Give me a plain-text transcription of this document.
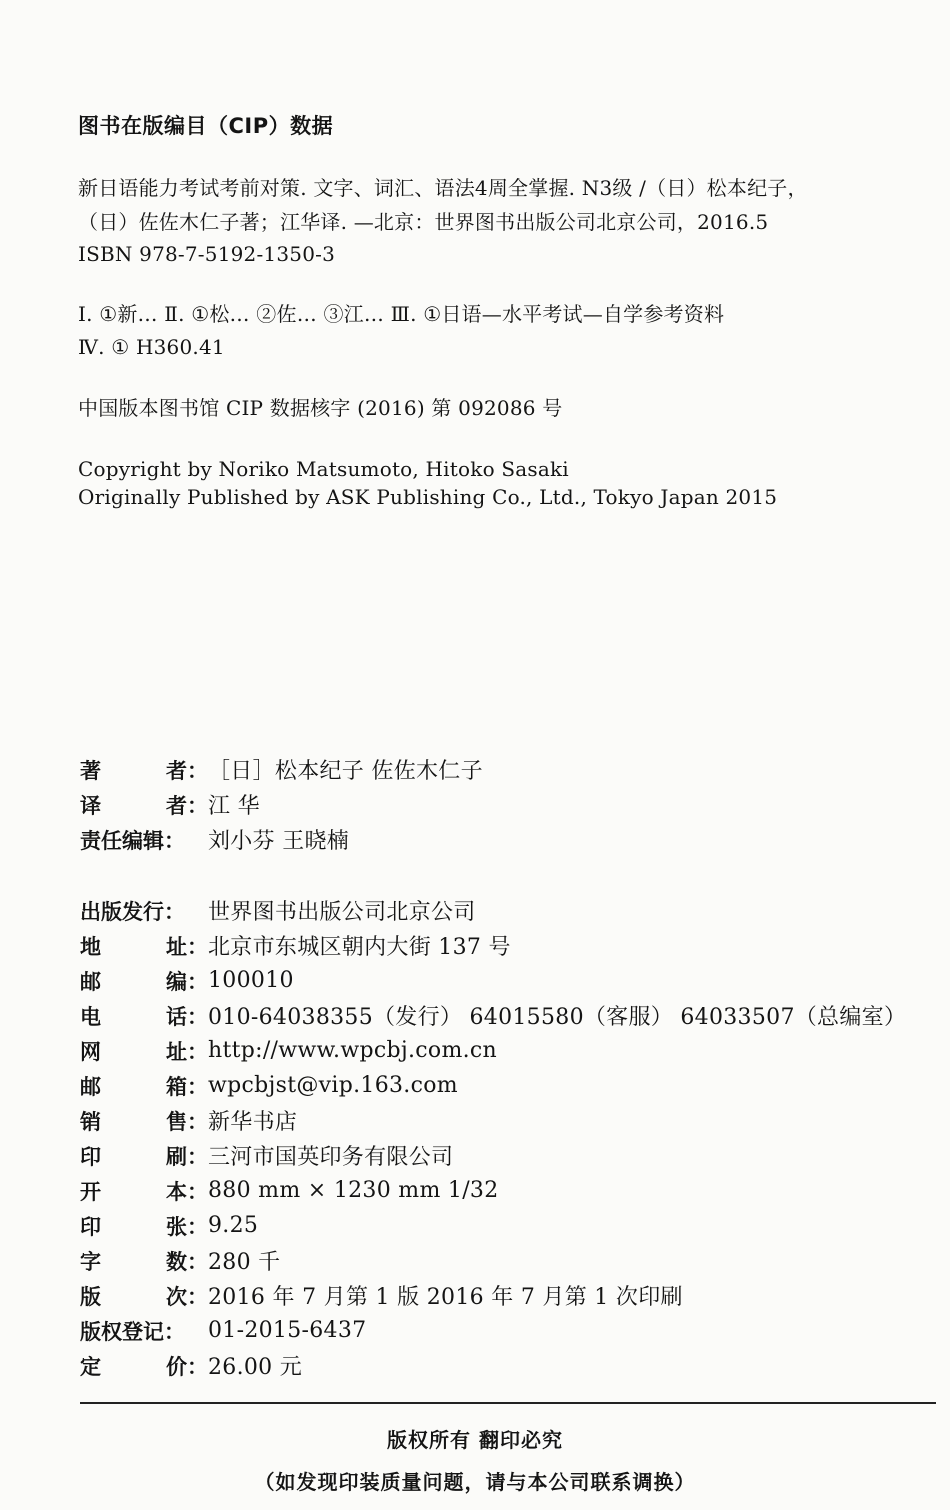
图书在版编目（CIP）数据
新日语能力考试考前对策. 文字、词汇、语法4周全掌握. N3级 /（日）松本纪子，
（日）佐佐木仁子著；江华译. —北京：世界图书出版公司北京公司，2016.5
ISBN 978-7-5192-1350-3
Ⅰ. ①新… Ⅱ. ①松… ②佐… ③江… Ⅲ. ①日语—水平考试—自学参考资料
Ⅳ. ① H360.41
中国版本图书馆 CIP 数据核字 (2016) 第 092086 号
Copyright by Noriko Matsumoto, Hitoko Sasaki
Originally Published by ASK Publishing Co., Ltd., Tokyo Japan 2015
著	者： ［日］松本纪子 佐佐木仁子
译	者： 江 华
责任编辑：	刘小芬 王晓楠
出版发行：	世界图书出版公司北京公司
地	址： 北京市东城区朝内大街 137 号
邮	编： 100010
电	话： 010-64038355（发行） 64015580（客服） 64033507（总编室）
网	址： http://www.wpcbj.com.cn
邮	箱： wpcbjst@vip.163.com
销	售： 新华书店
印	刷： 三河市国英印务有限公司
开	本： 880 mm × 1230 mm 1/32
印	张： 9.25
字	数： 280 千
版	次： 2016 年 7 月第 1 版 2016 年 7 月第 1 次印刷
版权登记：	01-2015-6437
定	价： 26.00 元
版权所有 翻印必究
（如发现印装质量问题，请与本公司联系调换）
